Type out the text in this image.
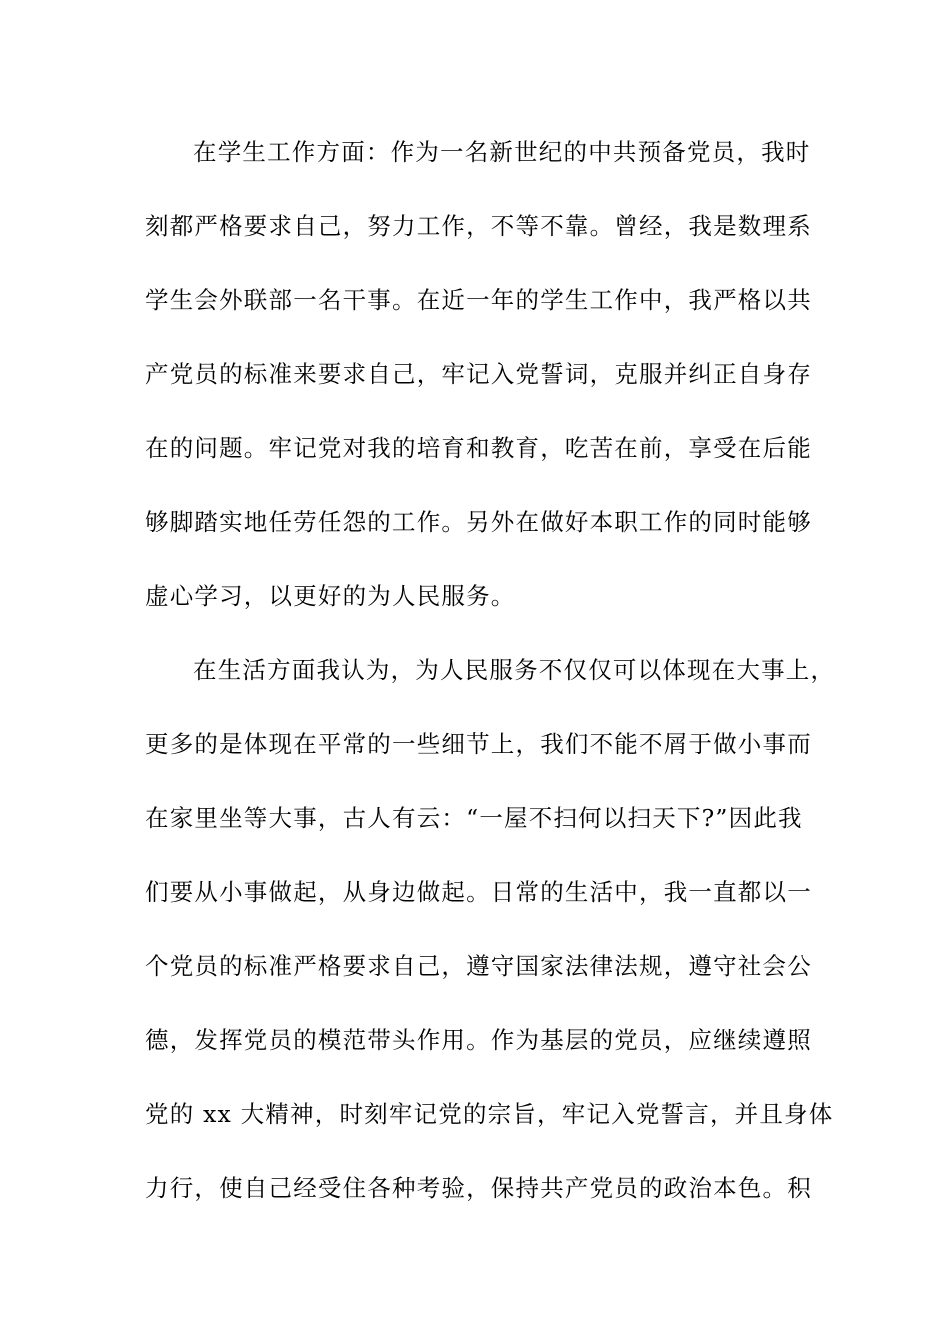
在学生工作方面：作为一名新世纪的中共预备党员，我时
刻都严格要求自己，努力工作，不等不靠。曾经，我是数理系
学生会外联部一名干事。在近一年的学生工作中，我严格以共
产党员的标准来要求自己，牢记入党誓词，克服并纠正自身存
在的问题。牢记党对我的培育和教育，吃苦在前，享受在后能
够脚踏实地任劳任怨的工作。另外在做好本职工作的同时能够
虚心学习，以更好的为人民服务。
在生活方面我认为，为人民服务不仅仅可以体现在大事上，
更多的是体现在平常的一些细节上，我们不能不屑于做小事而
在家里坐等大事，古人有云：“一屋不扫何以扫天下?”因此我
们要从小事做起，从身边做起。日常的生活中，我一直都以一
个党员的标准严格要求自己，遵守国家法律法规，遵守社会公
德，发挥党员的模范带头作用。作为基层的党员，应继续遵照
党的 xx 大精神，时刻牢记党的宗旨，牢记入党誓言，并且身体
力行，使自己经受住各种考验，保持共产党员的政治本色。积
